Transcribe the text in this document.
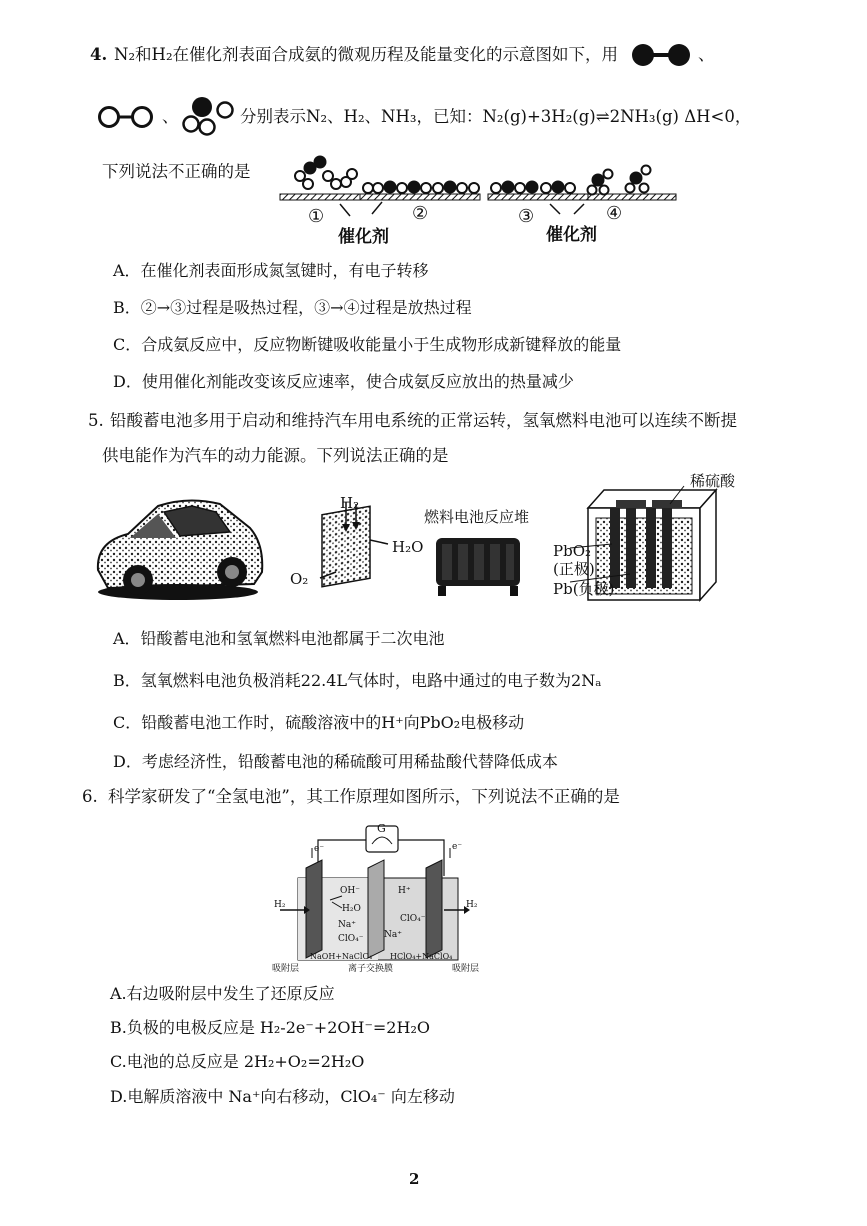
4. N₂和H₂在催化剂表面合成氨的微观历程及能量变化的示意图如下，用	、
、	分别表示N₂、H₂、NH₃，已知：N₂(g)+3H₂(g)⇌2NH₃(g) ΔH<0，
下列说法不正确的是
①	②	③	④
催化剂	催化剂
A．在催化剂表面形成氮氢键时，有电子转移
B．②→③过程是吸热过程，③→④过程是放热过程
C．合成氨反应中，反应物断键吸收能量小于生成物形成新键释放的能量
D．使用催化剂能改变该反应速率，使合成氨反应放出的热量减少
5. 铅酸蓄电池多用于启动和维持汽车用电系统的正常运转，氢氧燃料电池可以连续不断提
供电能作为汽车的动力能源。下列说法正确的是
H₂
H₂O
O₂
燃料电池反应堆
稀硫酸
PbO₂
(正极)
Pb(负极)
A．铅酸蓄电池和氢氧燃料电池都属于二次电池
B．氢氧燃料电池负极消耗22.4L气体时，电路中通过的电子数为2Nₐ
C．铅酸蓄电池工作时，硫酸溶液中的H⁺向PbO₂电极移动
D．考虑经济性，铅酸蓄电池的稀硫酸可用稀盐酸代替降低成本
6. 科学家研发了“全氢电池”，其工作原理如图所示，下列说法不正确的是
G
e⁻	e⁻
H₂	H₂
OH⁻
H₂O
Na⁺
ClO₄⁻
H⁺
ClO₄⁻
Na⁺
NaOH+NaClO₄ HClO₄+NaClO₄
吸附层	离子交换膜	吸附层
A.右边吸附层中发生了还原反应
B.负极的电极反应是 H₂-2e⁻+2OH⁻=2H₂O
C.电池的总反应是 2H₂+O₂=2H₂O
D.电解质溶液中 Na⁺向右移动，ClO₄⁻ 向左移动
2
